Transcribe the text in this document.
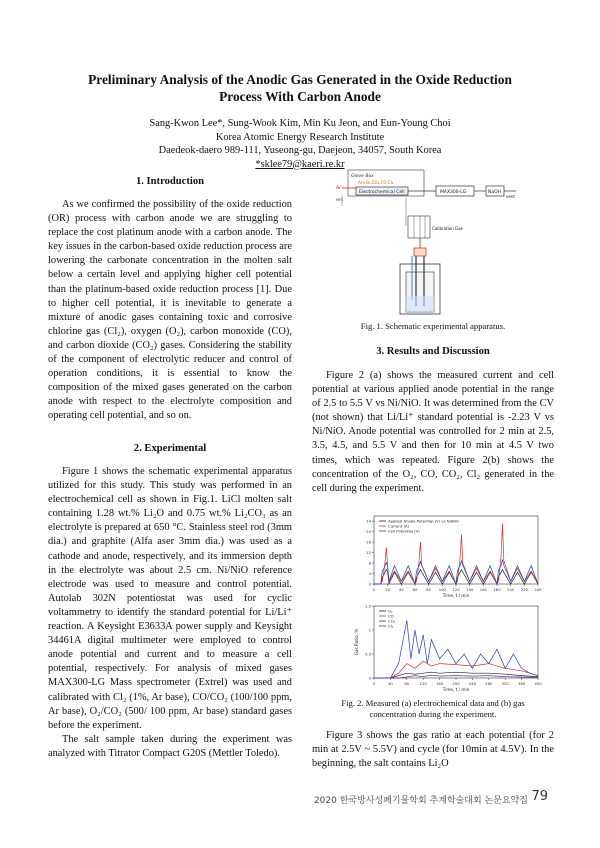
Preliminary Analysis of the Anodic Gas Generated in the Oxide Reduction
Process With Carbon Anode
Sang-Kwon Lee*, Sung-Wook Kim, Min Ku Jeon, and Eun-Young Choi
Korea Atomic Energy Research Institute
Daedeok-daero 989-111, Yuseong-gu, Daejeon, 34057, South Korea
*sklee79@kaeri.re.kr
1. Introduction

As we confirmed the possibility of the oxide reduction (OR) process with carbon anode we are struggling to replace the cost platinum anode with a carbon anode. The key issues in the carbon-based oxide reduction process are lowering the carbonate concentration in the molten salt below a certain level and applying higher cell potential than the platinum-based oxide reduction process [1]. Due to higher cell potential, it is inevitable to generate a mixture of anodic gases containing toxic and corrosive chlorine gas (Cl₂), oxygen (O₂), carbon monoxide (CO), and carbon dioxide (CO₂) gases. Considering the stability of the component of electrolytic reducer and control of operation conditions, it is essential to know the composition of the mixed gases generated on the carbon anode with respect to the electrolyte composition and operating cell potential, and so on.

2. Experimental

Figure 1 shows the schematic experimental apparatus utilized for this study. This study was performed in an electrochemical cell as shown in Fig.1. LiCl molten salt containing 1.28 wt.% Li₂O and 0.75 wt.% Li₂CO₃ as an electrolyte is prepared at 650 °C. Stainless steel rod (3mm dia.) and graphite (Alfa aser 3mm dia.) was used as a cathode and anode, respectively, and its immersion depth in the electrolyte was about 2.5 cm. Ni/NiO reference electrode was used to measure and control potential. Autolab 302N potentiostat was used for cyclic voltammetry to identify the standard potential for Li/Li⁺ reaction. A Keysight E3633A power supply and Keysight 34461A digital multimeter were employed to control anode potential and current and to measure a cell potential, respectively. For analysis of mixed gases MAX300-LG Mass spectrometer (Extrel) was used and calibrated with Cl₂ (1%, Ar base), CO/CO₂ (100/100 ppm, Ar base), O₂/CO₂ (500/ 100 ppm, Ar base) standard gases before the experiment.

The salt sample taken during the experiment was analyzed with Titrator Compact G20S (Mettler Toledo).

Glove Box
Ar+O₂,CO₂,CO,Cl₂
Electrochemical Cell	MAX300-LG	NaOH
vent
Ar
MFC
Calibration Gas
Fig. 1. Schematic experimental apparatus.
3. Results and Discussion

Figure 2 (a) shows the measured current and cell potential at various applied anode potential in the range of 2.5 to 5.5 V vs Ni/NiO. It was determined from the CV (not shown) that Li/Li⁺ standard potential is -2.23 V vs Ni/NiO. Anode potential was controlled for 2 min at 2.5, 3.5, 4.5, and 5.5 V and then for 10 min at 4.5 V two times, which was repeated. Figure 2(b) shows the concentration of the O₂, CO, CO₂, Cl₂ generated in the cell during the experiment.

0	20 40 60 80 100 120 140 160 180 200 220 240
0
4
8
12
16
20
24
Time, t / min
Applied Anode Potential (V) vs Ni/NiO
Current (A)
Cell Potential (V)
0	40	80	120 160 200 240 280 320 360 400
0
0.5
1
1.5
Time, t / min
Gas Ratio, %
O₂
CO
CO₂
Cl₂
Fig. 2. Measured (a) electrochemical data and (b) gas
concentration during the experiment.

Figure 3 shows the gas ratio at each potential (for 2 min at 2.5V ~ 5.5V) and cycle (for 10min at 4.5V). In the beginning, the salt contains Li₂O

2020 한국방사성폐기물학회 추계학술대회 논문요약집 79
